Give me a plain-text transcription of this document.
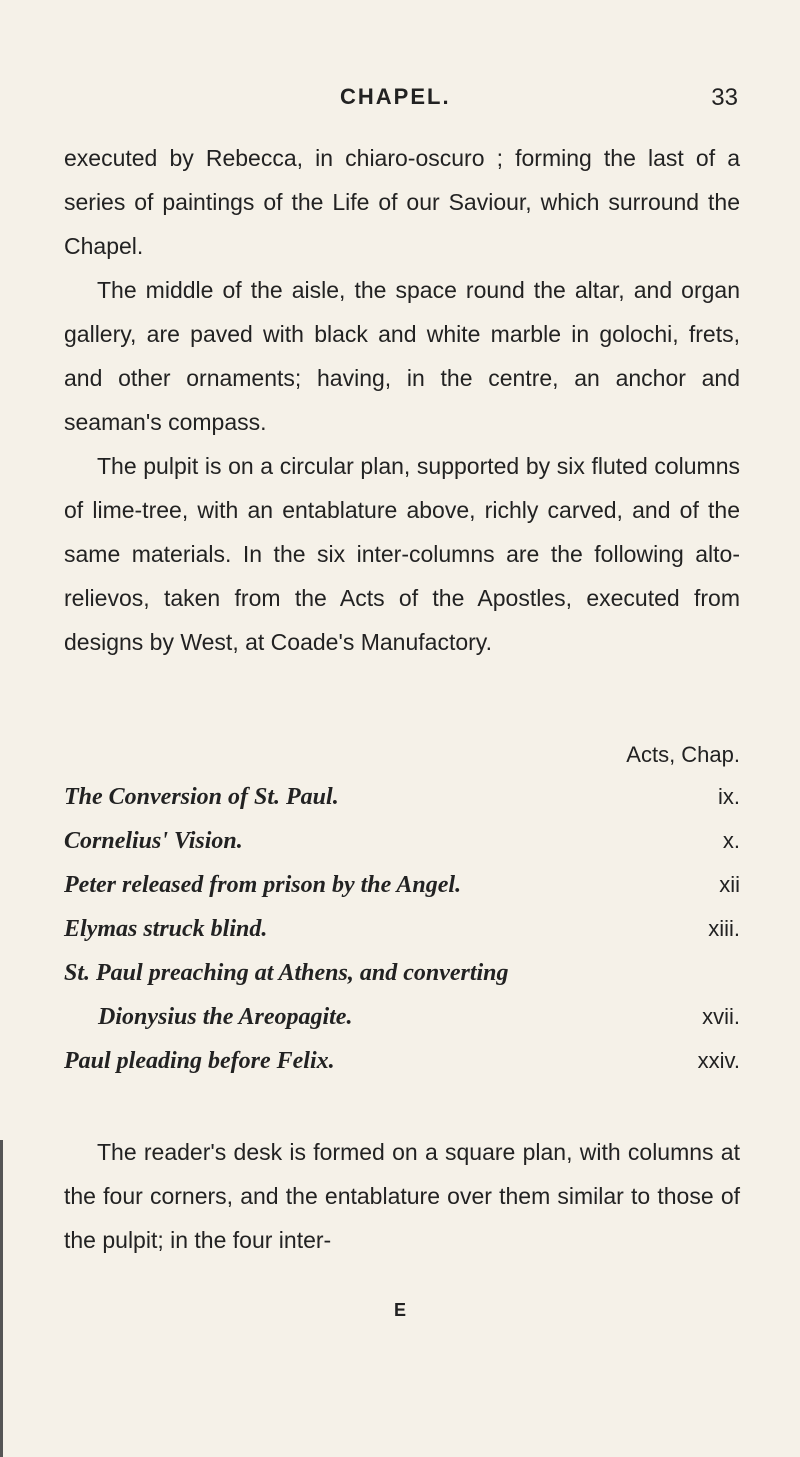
CHAPEL.	33

executed by Rebecca, in chiaro-oscuro ; forming the last of a series of paintings of the Life of our Saviour, which surround the Chapel.

The middle of the aisle, the space round the altar, and organ gallery, are paved with black and white marble in golochi, frets, and other ornaments; having, in the centre, an anchor and seaman's compass.

The pulpit is on a circular plan, supported by six fluted columns of lime-tree, with an entablature above, richly carved, and of the same materials. In the six inter-columns are the following alto-relievos, taken from the Acts of the Apostles, executed from designs by West, at Coade's Manufactory.

Acts, Chap.
The Conversion of St. Paul.	ix.
Cornelius' Vision.	x.
Peter released from prison by the Angel.	xii
Elymas struck blind.	xiii.
St. Paul preaching at Athens, and converting
Dionysius the Areopagite.	xvii.
Paul pleading before Felix.	xxiv.

The reader's desk is formed on a square plan, with columns at the four corners, and the entablature over them similar to those of the pulpit; in the four inter-

E
